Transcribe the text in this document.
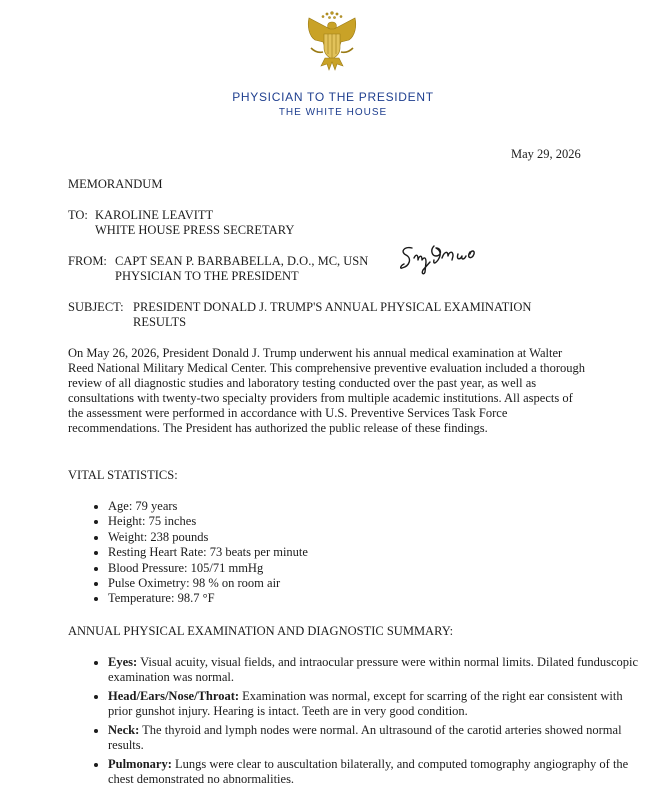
PHYSICIAN TO THE PRESIDENT
THE WHITE HOUSE
May 29, 2026
MEMORANDUM
TO: KAROLINE LEAVITT
WHITE HOUSE PRESS SECRETARY
FROM: CAPT SEAN P. BARBABELLA, D.O., MC, USN
PHYSICIAN TO THE PRESIDENT
SUBJECT: PRESIDENT DONALD J. TRUMP'S ANNUAL PHYSICAL EXAMINATION
RESULTS

On May 26, 2026, President Donald J. Trump underwent his annual medical examination at Walter Reed National Military Medical Center. This comprehensive preventive evaluation included a thorough review of all diagnostic studies and laboratory testing conducted over the past year, as well as consultations with twenty-two specialty providers from multiple academic institutions. All aspects of the assessment were performed in accordance with U.S. Preventive Services Task Force recommendations. The President has authorized the public release of these findings.

VITAL STATISTICS:
• Age: 79 years
• Height: 75 inches
• Weight: 238 pounds
• Resting Heart Rate: 73 beats per minute
• Blood Pressure: 105/71 mmHg
• Pulse Oximetry: 98 % on room air
• Temperature: 98.7 °F
ANNUAL PHYSICAL EXAMINATION AND DIAGNOSTIC SUMMARY:
• Eyes: Visual acuity, visual fields, and intraocular pressure were within normal limits. Dilated funduscopic examination was normal.
• Head/Ears/Nose/Throat: Examination was normal, except for scarring of the right ear consistent with prior gunshot injury. Hearing is intact. Teeth are in very good condition.
• Neck: The thyroid and lymph nodes were normal. An ultrasound of the carotid arteries showed normal results.
• Pulmonary: Lungs were clear to auscultation bilaterally, and computed tomography angiography of the chest demonstrated no abnormalities.
